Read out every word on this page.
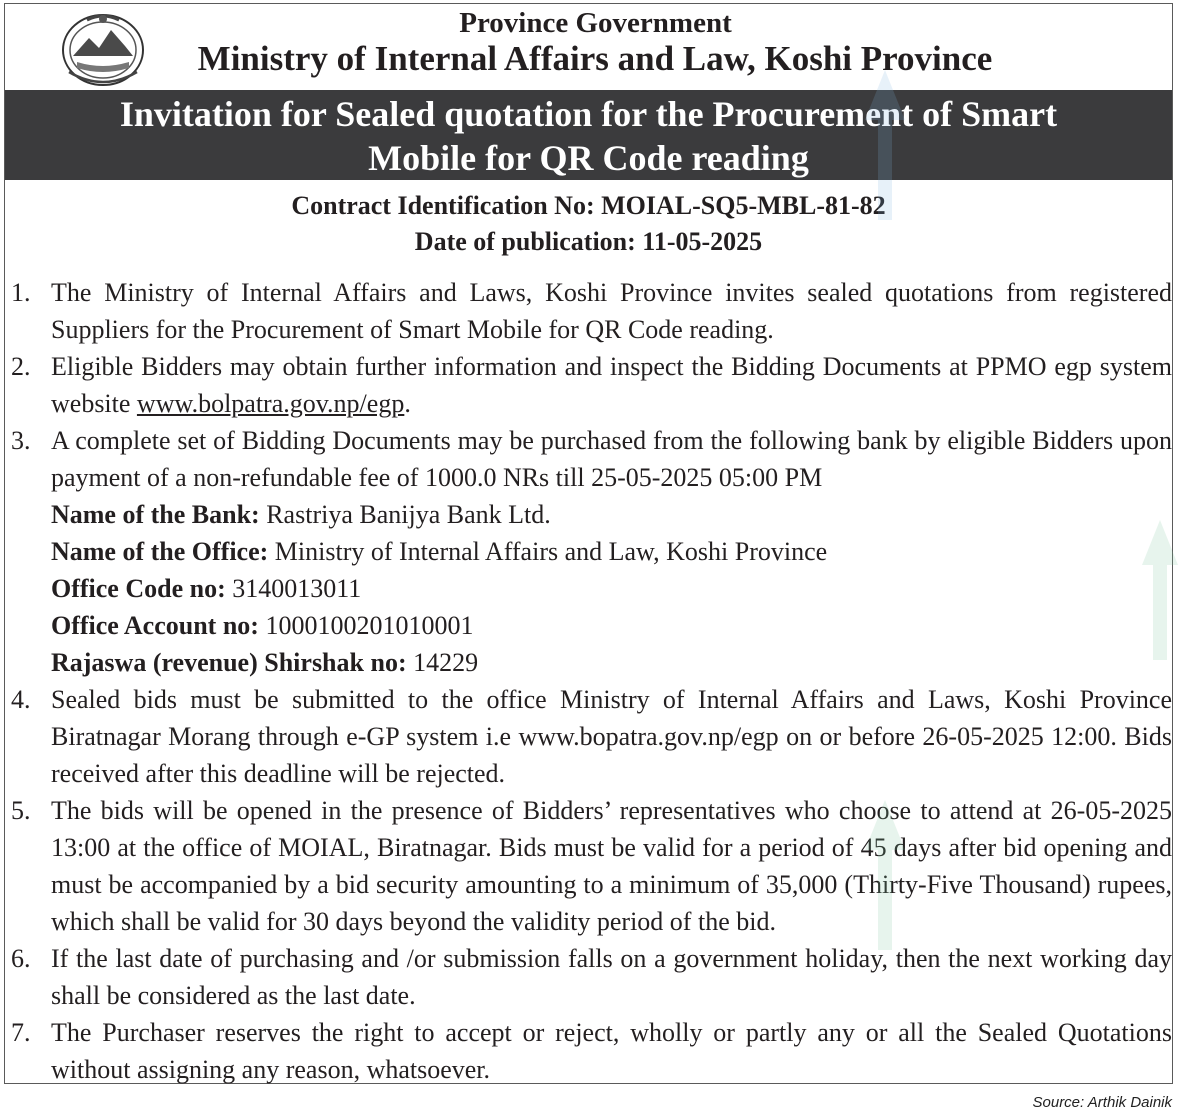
Province Government
Ministry of Internal Affairs and Law, Koshi Province
Invitation for Sealed quotation for the Procurement of Smart
Mobile for QR Code reading
Contract Identification No: MOIAL-SQ5-MBL-81-82
Date of publication: 11-05-2025
1. The Ministry of Internal Affairs and Laws, Koshi Province invites sealed quotations from registered Suppliers for the Procurement of Smart Mobile for QR Code reading.
2. Eligible Bidders may obtain further information and inspect the Bidding Documents at PPMO egp system website www.bolpatra.gov.np/egp.
3. A complete set of Bidding Documents may be purchased from the following bank by eligible Bidders upon payment of a non-refundable fee of 1000.0 NRs till 25-05-2025 05:00 PM
Name of the Bank: Rastriya Banijya Bank Ltd.
Name of the Office: Ministry of Internal Affairs and Law, Koshi Province
Office Code no: 3140013011
Office Account no: 1000100201010001
Rajaswa (revenue) Shirshak no: 14229
4. Sealed bids must be submitted to the office Ministry of Internal Affairs and Laws, Koshi Province Biratnagar Morang through e-GP system i.e www.bopatra.gov.np/egp on or before 26-05-2025 12:00. Bids received after this deadline will be rejected.
5. The bids will be opened in the presence of Bidders’ representatives who choose to attend at 26-05-2025 13:00 at the office of MOIAL, Biratnagar. Bids must be valid for a period of 45 days after bid opening and must be accompanied by a bid security amounting to a minimum of 35,000 (Thirty-Five Thousand) rupees, which shall be valid for 30 days beyond the validity period of the bid.
6. If the last date of purchasing and /or submission falls on a government holiday, then the next working day shall be considered as the last date.
7. The Purchaser reserves the right to accept or reject, wholly or partly any or all the Sealed Quotations without assigning any reason, whatsoever.
Source: Arthik Dainik
